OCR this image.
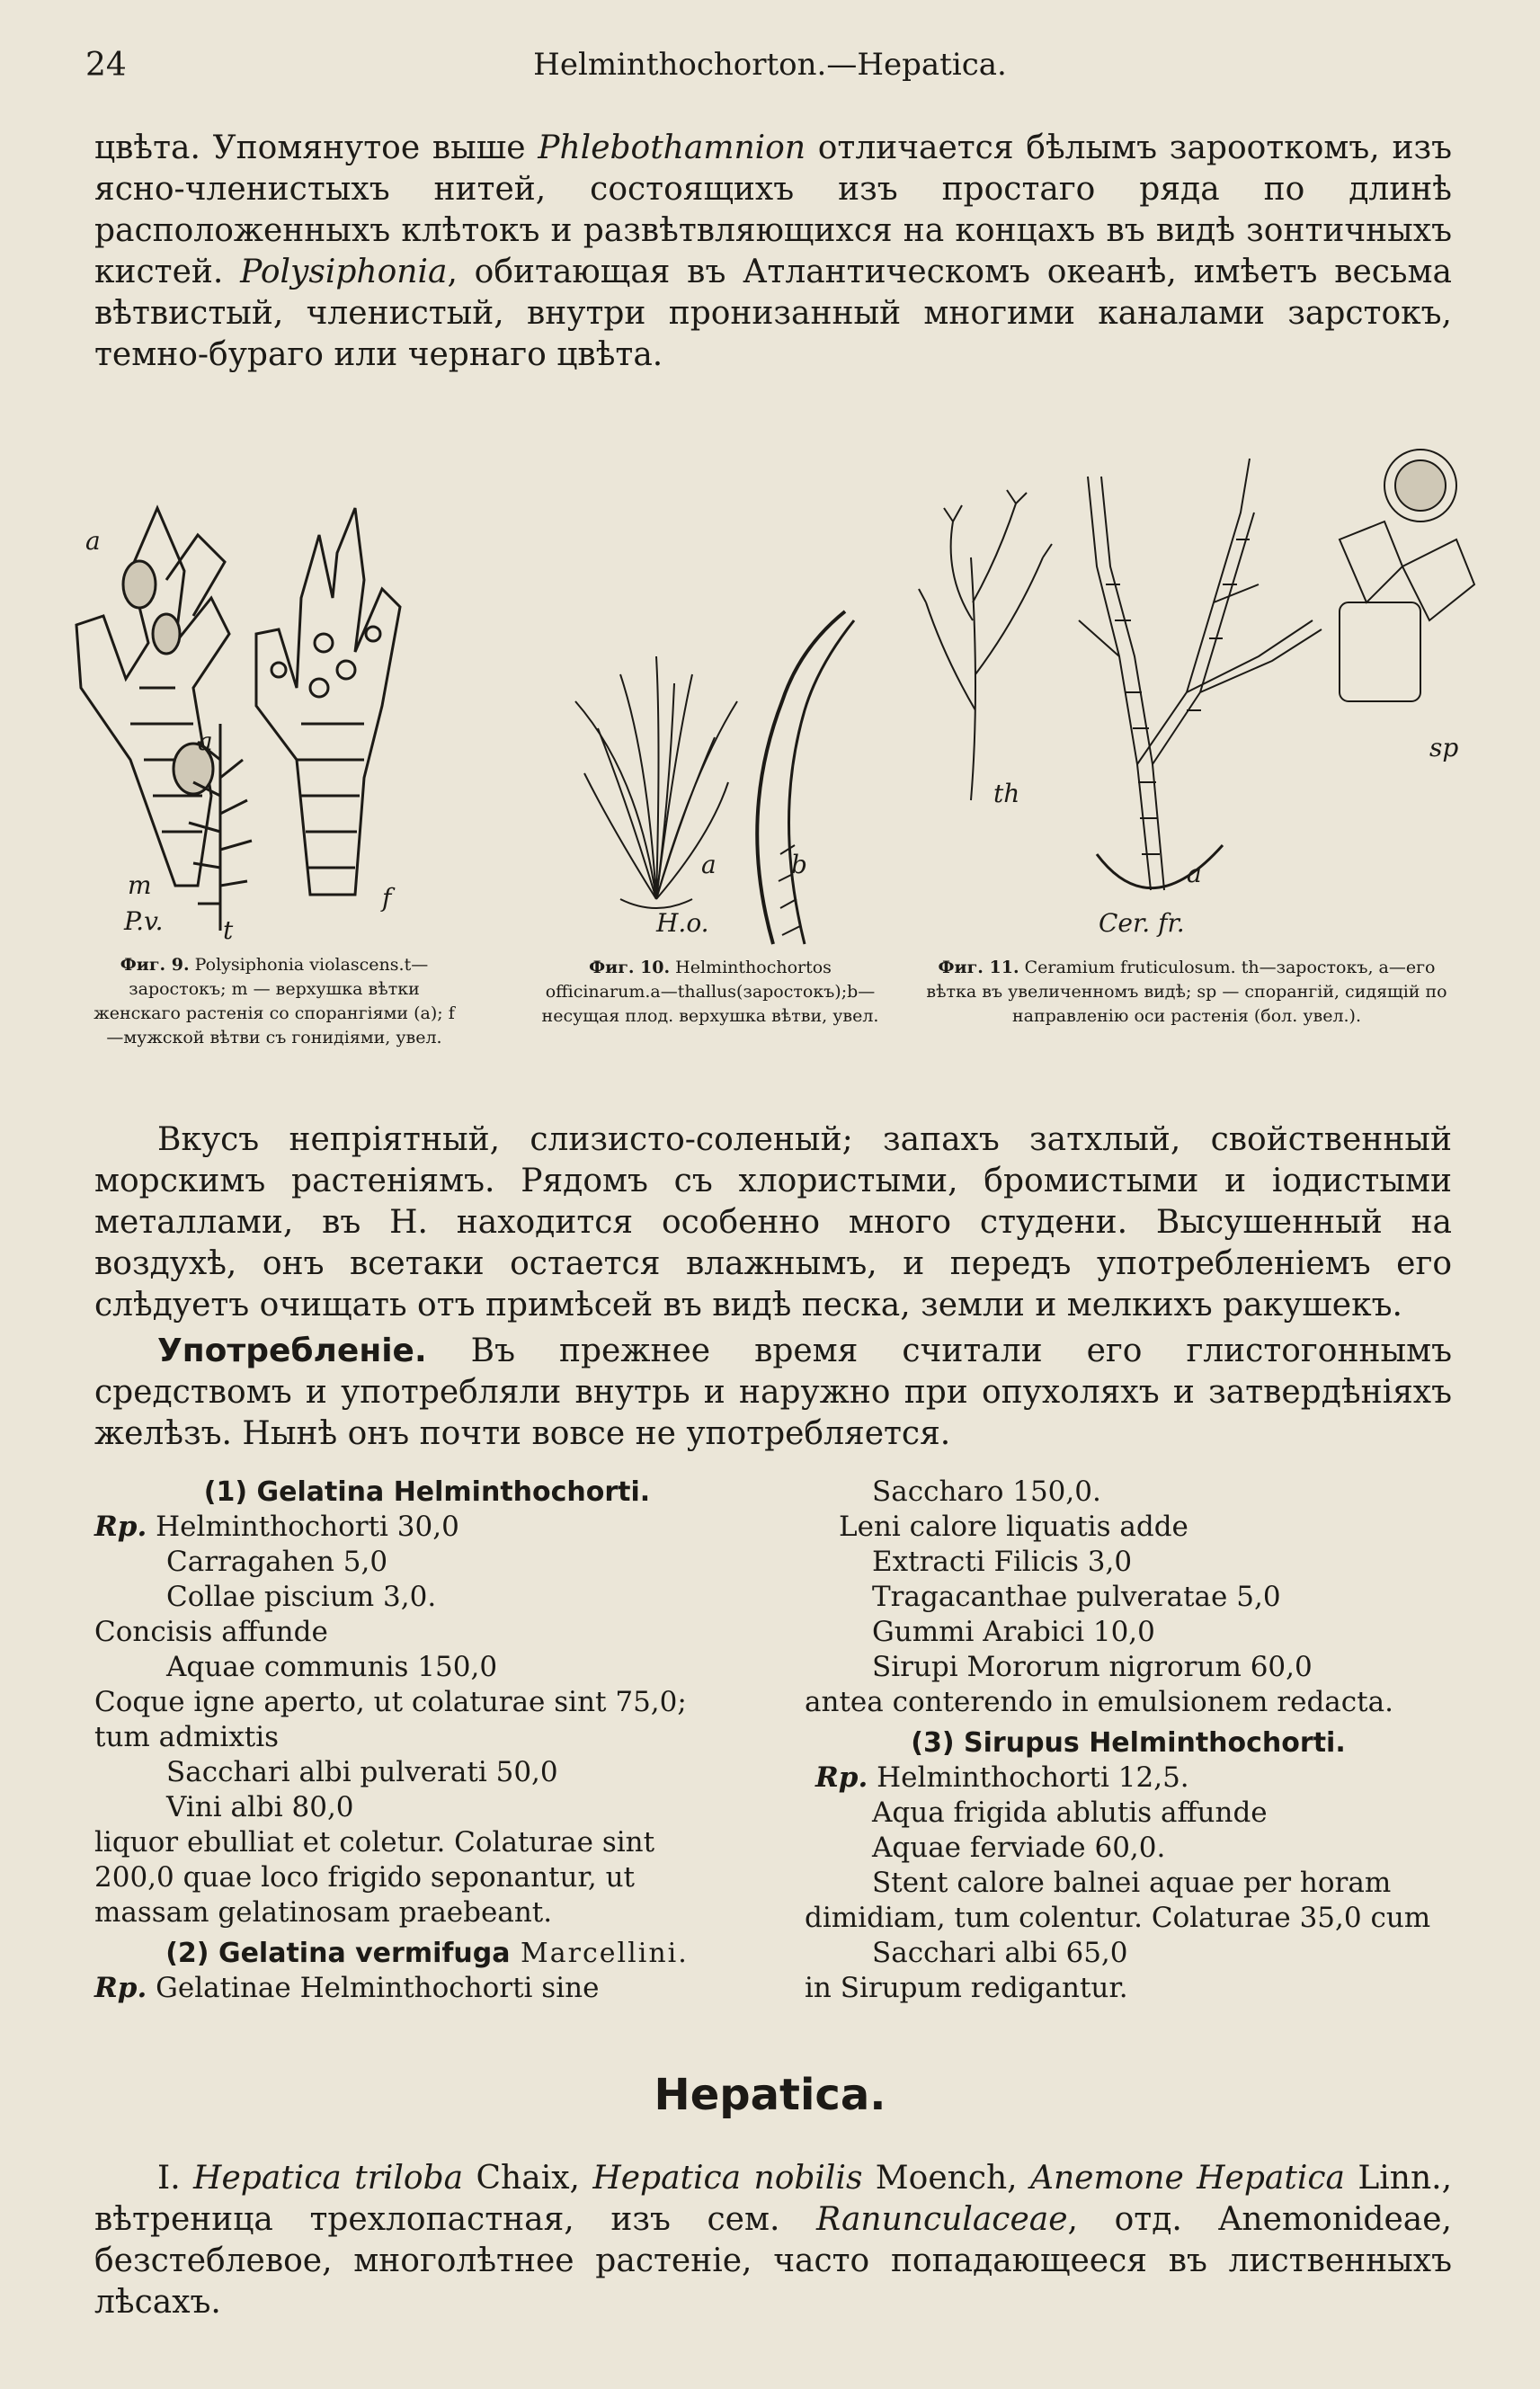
24	Helminthochorton.—Hepatica.

цвѣта. Упомянутое выше Phlebothamnion отличается бѣлымъ зарооткомъ, изъ ясно-членистыхъ нитей, состоящихъ изъ простаго ряда по длинѣ расположенныхъ клѣтокъ и развѣтвляющихся на концахъ въ видѣ зонтичныхъ кистей. Polysiphonia, обитающая въ Атлантическомъ океанѣ, имѣетъ весьма вѣтвистый, членистый, внутри пронизанный многими каналами зарстокъ, темно-бураго или чернаго цвѣта.

a
a
m
t
f
P.v.
a	b
H.o.
th
a
sp
Cer. fr.
Фиг. 9. Polysiphonia violascens.t—заростокъ; m — верхушка вѣтки женскаго растенія со спорангіями (а); f—мужской вѣтви съ гонидіями, увел.
Фиг. 10. Helminthochortos officinarum.a—thallus(заростокъ);b—несущая плод. верхушка вѣтви, увел.
Фиг. 11. Ceramium fruticulosum. th—заростокъ, a—его вѣтка въ увеличенномъ видѣ; sp — спорангій, сидящій по направленію оси растенія (бол. увел.).

Вкусъ непріятный, слизисто-соленый; запахъ затхлый, свойственный морскимъ растеніямъ. Рядомъ съ хлористыми, бромистыми и іодистыми металлами, въ Н. находится особенно много студени. Высушенный на воздухѣ, онъ всетаки остается влажнымъ, и передъ употребленіемъ его слѣдуетъ очищать отъ примѣсей въ видѣ песка, земли и мелкихъ ракушекъ.

Употребленіе. Въ прежнее время считали его глистогоннымъ средствомъ и употребляли внутрь и наружно при опухоляхъ и затвердѣніяхъ желѣзъ. Нынѣ онъ почти вовсе не употребляется.

(1) Gelatina Helminthochorti.
Rp. Helminthochorti 30,0
Carragahen 5,0
Collae piscium 3,0.
Concisis affunde
Aquae communis 150,0
Coque igne aperto, ut colaturae sint 75,0;
tum admixtis
Sacchari albi pulverati 50,0
Vini albi 80,0
liquor ebulliat et coletur. Colaturae sint
200,0 quae loco frigido seponantur, ut
massam gelatinosam praebeant.
(2) Gelatina vermifuga Marcellini.
Rp. Gelatinae Helminthochorti sine
Saccharo 150,0.
Leni calore liquatis adde
Extracti Filicis 3,0
Tragacanthae pulveratae 5,0
Gummi Arabici 10,0
Sirupi Mororum nigrorum 60,0
antea conterendo in emulsionem redacta.
(3) Sirupus Helminthochorti.
Rp. Helminthochorti 12,5.
Aqua frigida ablutis affunde
Aquae ferviade 60,0.
Stent calore balnei aquae per horam
dimidiam, tum colentur. Colaturae 35,0 cum
Sacchari albi 65,0
in Sirupum redigantur.
Hepatica.

I. Hepatica triloba Chaix, Hepatica nobilis Moench, Anemone Hepatica Linn., вѣтреница трехлопастная, изъ сем. Ranunculaceae, отд. Anemonideae, безстеблевое, многолѣтнее растеніе, часто попадающееся въ лиственныхъ лѣсахъ.
